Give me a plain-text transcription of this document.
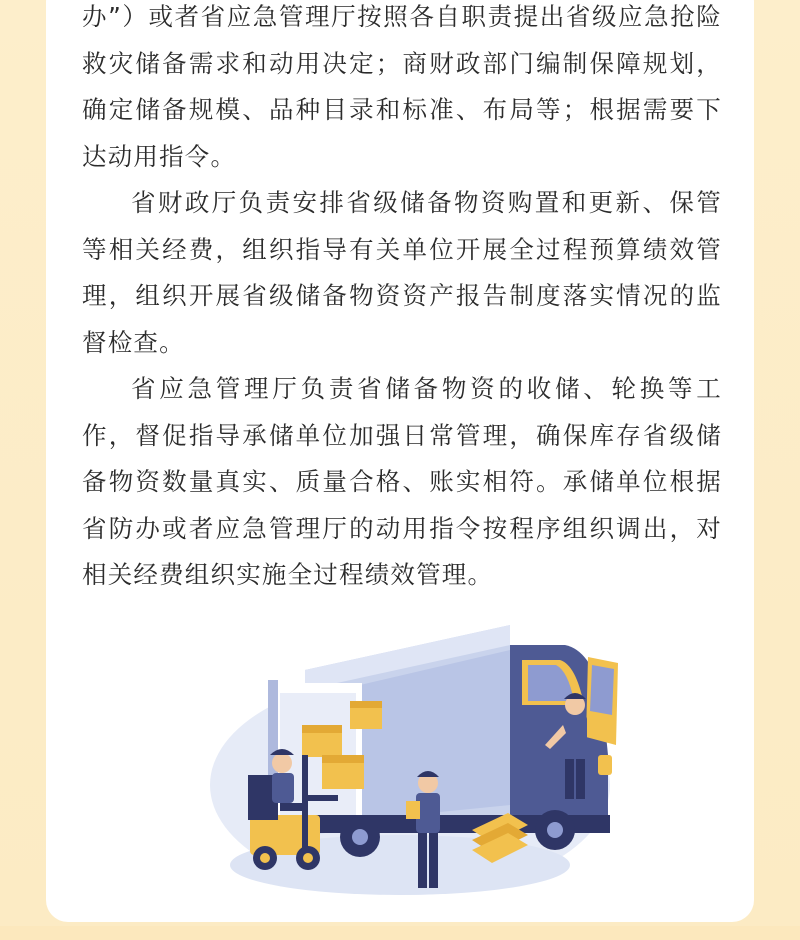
办”）或者省应急管理厅按照各自职责提出省级应急抢险救灾储备需求和动用决定；商财政部门编制保障规划，确定储备规模、品种目录和标准、布局等；根据需要下达动用指令。

省财政厅负责安排省级储备物资购置和更新、保管等相关经费，组织指导有关单位开展全过程预算绩效管理，组织开展省级储备物资资产报告制度落实情况的监督检查。

省应急管理厅负责省储备物资的收储、轮换等工作，督促指导承储单位加强日常管理，确保库存省级储备物资数量真实、质量合格、账实相符。承储单位根据省防办或者应急管理厅的动用指令按程序组织调出，对相关经费组织实施全过程绩效管理。
